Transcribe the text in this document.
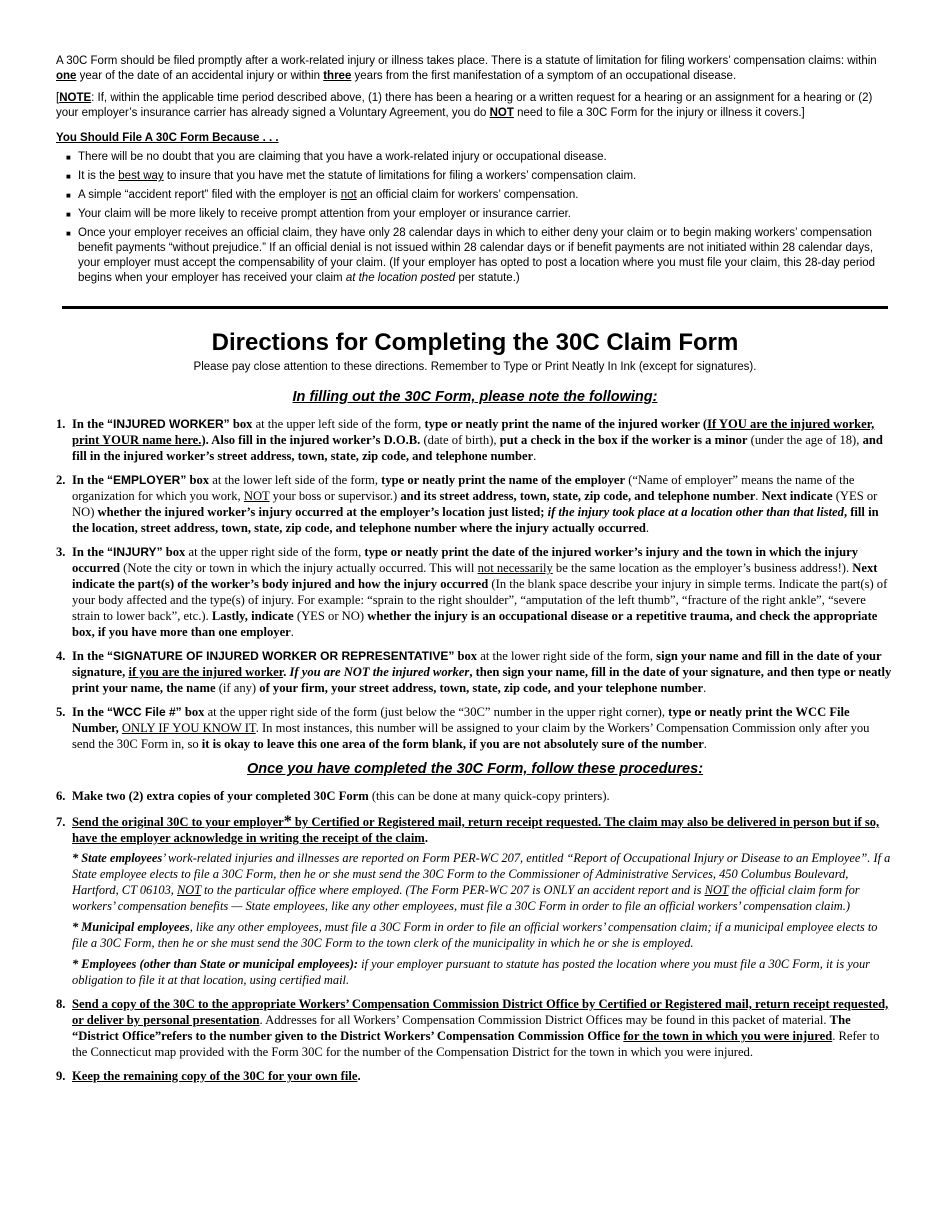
A 30C Form should be filed promptly after a work-related injury or illness takes place. There is a statute of limitation for filing workers’ compensation claims: within one year of the date of an accidental injury or within three years from the first manifestation of a symptom of an occupational disease.

[NOTE: If, within the applicable time period described above, (1) there has been a hearing or a written request for a hearing or an assignment for a hearing or (2) your employer’s insurance carrier has already signed a Voluntary Agreement, you do NOT need to file a 30C Form for the injury or illness it covers.]

You Should File A 30C Form Because . . .

■ There will be no doubt that you are claiming that you have a work-related injury or occupational disease.
■ It is the best way to insure that you have met the statute of limitations for filing a workers’ compensation claim.
■ A simple “accident report” filed with the employer is not an official claim for workers’ compensation.
■ Your claim will be more likely to receive prompt attention from your employer or insurance carrier.
■ Once your employer receives an official claim, they have only 28 calendar days in which to either deny your claim or to begin making workers’ compensation benefit payments “without prejudice.” If an official denial is not issued within 28 calendar days or if benefit payments are not initiated within 28 calendar days, your employer must accept the compensability of your claim. (If your employer has opted to post a location where you must file your claim, this 28-day period begins when your employer has received your claim at the location posted per statute.)
Directions for Completing the 30C Claim Form

Please pay close attention to these directions. Remember to Type or Print Neatly In Ink (except for signatures).

In filling out the 30C Form, please note the following:

1. In the “INJURED WORKER” box at the upper left side of the form, type or neatly print the name of the injured worker (If YOU are the injured worker, print YOUR name here.). Also fill in the injured worker’s D.O.B. (date of birth), put a check in the box if the worker is a minor (under the age of 18), and fill in the injured worker’s street address, town, state, zip code, and telephone number.
2. In the “EMPLOYER” box at the lower left side of the form, type or neatly print the name of the employer (“Name of employer” means the name of the organization for which you work, NOT your boss or supervisor.) and its street address, town, state, zip code, and telephone number. Next indicate (YES or NO) whether the injured worker’s injury occurred at the employer’s location just listed; if the injury took place at a location other than that listed, fill in the location, street address, town, state, zip code, and telephone number where the injury actually occurred.
3. In the “INJURY” box at the upper right side of the form, type or neatly print the date of the injured worker’s injury and the town in which the injury occurred (Note the city or town in which the injury actually occurred. This will not necessarily be the same location as the employer’s business address!). Next indicate the part(s) of the worker’s body injured and how the injury occurred (In the blank space describe your injury in simple terms. Indicate the part(s) of your body affected and the type(s) of injury. For example: “sprain to the right shoulder”, “amputation of the left thumb”, “fracture of the right ankle”, “severe strain to lower back”, etc.). Lastly, indicate (YES or NO) whether the injury is an occupational disease or a repetitive trauma, and check the appropriate box, if you have more than one employer.
4. In the “SIGNATURE OF INJURED WORKER OR REPRESENTATIVE” box at the lower right side of the form, sign your name and fill in the date of your signature, if you are the injured worker. If you are NOT the injured worker, then sign your name, fill in the date of your signature, and then type or neatly print your name, the name (if any) of your firm, your street address, town, state, zip code, and your telephone number.
5. In the “WCC File #” box at the upper right side of the form (just below the “30C” number in the upper right corner), type or neatly print the WCC File Number, ONLY IF YOU KNOW IT. In most instances, this number will be assigned to your claim by the Workers’ Compensation Commission only after you send the 30C Form in, so it is okay to leave this one area of the form blank, if you are not absolutely sure of the number.

Once you have completed the 30C Form, follow these procedures:

6. Make two (2) extra copies of your completed 30C Form (this can be done at many quick-copy printers).
7. Send the original 30C to your employer* by Certified or Registered mail, return receipt requested. The claim may also be delivered in person but if so, have the employer acknowledge in writing the receipt of the claim.

* State employees’ work-related injuries and illnesses are reported on Form PER-WC 207, entitled “Report of Occupational Injury or Disease to an Employee”. If a State employee elects to file a 30C Form, then he or she must send the 30C Form to the Commissioner of Administrative Services, 450 Columbus Boulevard, Hartford, CT 06103, NOT to the particular office where employed. (The Form PER-WC 207 is ONLY an accident report and is NOT the official claim form for workers’ compensation benefits — State employees, like any other employees, must file a 30C Form in order to file an official workers’ compensation claim.)

* Municipal employees, like any other employees, must file a 30C Form in order to file an official workers’ compensation claim; if a municipal employee elects to file a 30C Form, then he or she must send the 30C Form to the town clerk of the municipality in which he or she is employed.

* Employees (other than State or municipal employees): if your employer pursuant to statute has posted the location where you must file a 30C Form, it is your obligation to file it at that location, using certified mail.

8. Send a copy of the 30C to the appropriate Workers’ Compensation Commission District Office by Certified or Registered mail, return receipt requested, or deliver by personal presentation. Addresses for all Workers’ Compensation Commission District Offices may be found in this packet of material. The “District Office”refers to the number given to the District Workers’ Compensation Commission Office for the town in which you were injured. Refer to the Connecticut map provided with the Form 30C for the number of the Compensation District for the town in which you were injured.
9. Keep the remaining copy of the 30C for your own file.
